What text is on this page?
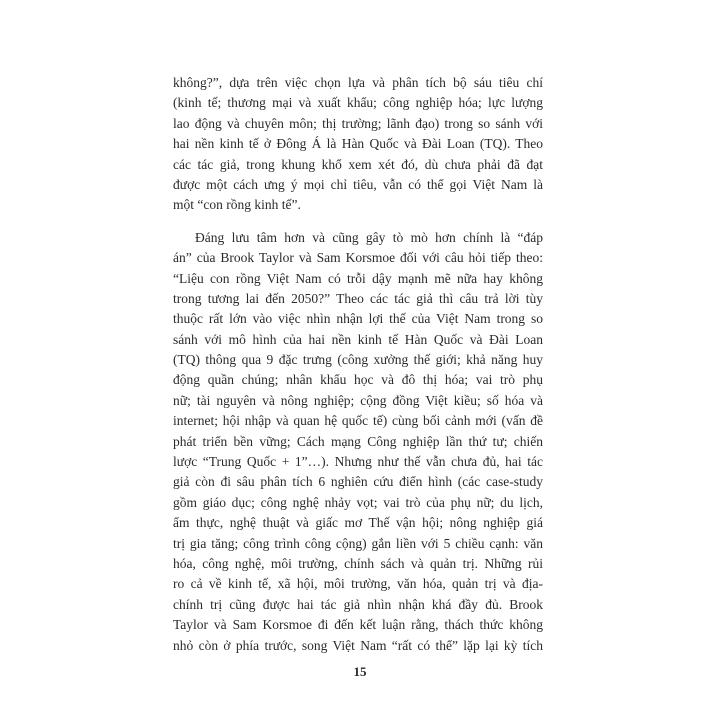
không?”, dựa trên việc chọn lựa và phân tích bộ sáu tiêu chí
(kinh tế; thương mại và xuất khẩu; công nghiệp hóa; lực lượng
lao động và chuyên môn; thị trường; lãnh đạo) trong so sánh với
hai nền kinh tế ở Đông Á là Hàn Quốc và Đài Loan (TQ). Theo
các tác giả, trong khung khổ xem xét đó, dù chưa phải đã đạt
được một cách ưng ý mọi chỉ tiêu, vẫn có thể gọi Việt Nam là
một “con rồng kinh tế”.
Đáng lưu tâm hơn và cũng gây tò mò hơn chính là “đáp
án” của Brook Taylor và Sam Korsmoe đối với câu hỏi tiếp theo:
“Liệu con rồng Việt Nam có trỗi dậy mạnh mẽ nữa hay không
trong tương lai đến 2050?” Theo các tác giả thì câu trả lời tùy
thuộc rất lớn vào việc nhìn nhận lợi thế của Việt Nam trong so
sánh với mô hình của hai nền kinh tế Hàn Quốc và Đài Loan
(TQ) thông qua 9 đặc trưng (công xưởng thế giới; khả năng huy
động quần chúng; nhân khẩu học và đô thị hóa; vai trò phụ
nữ; tài nguyên và nông nghiệp; cộng đồng Việt kiều; số hóa và
internet; hội nhập và quan hệ quốc tế) cùng bối cảnh mới (vấn đề
phát triển bền vững; Cách mạng Công nghiệp lần thứ tư; chiến
lược “Trung Quốc + 1”…). Nhưng như thế vẫn chưa đủ, hai tác
giả còn đi sâu phân tích 6 nghiên cứu điển hình (các case-study
gồm giáo dục; công nghệ nhảy vọt; vai trò của phụ nữ; du lịch,
ẩm thực, nghệ thuật và giấc mơ Thế vận hội; nông nghiệp giá
trị gia tăng; công trình công cộng) gắn liền với 5 chiều cạnh: văn
hóa, công nghệ, môi trường, chính sách và quản trị. Những rủi
ro cả về kinh tế, xã hội, môi trường, văn hóa, quản trị và địa-
chính trị cũng được hai tác giả nhìn nhận khá đầy đủ. Brook
Taylor và Sam Korsmoe đi đến kết luận rằng, thách thức không
nhỏ còn ở phía trước, song Việt Nam “rất có thể” lặp lại kỳ tích
15
